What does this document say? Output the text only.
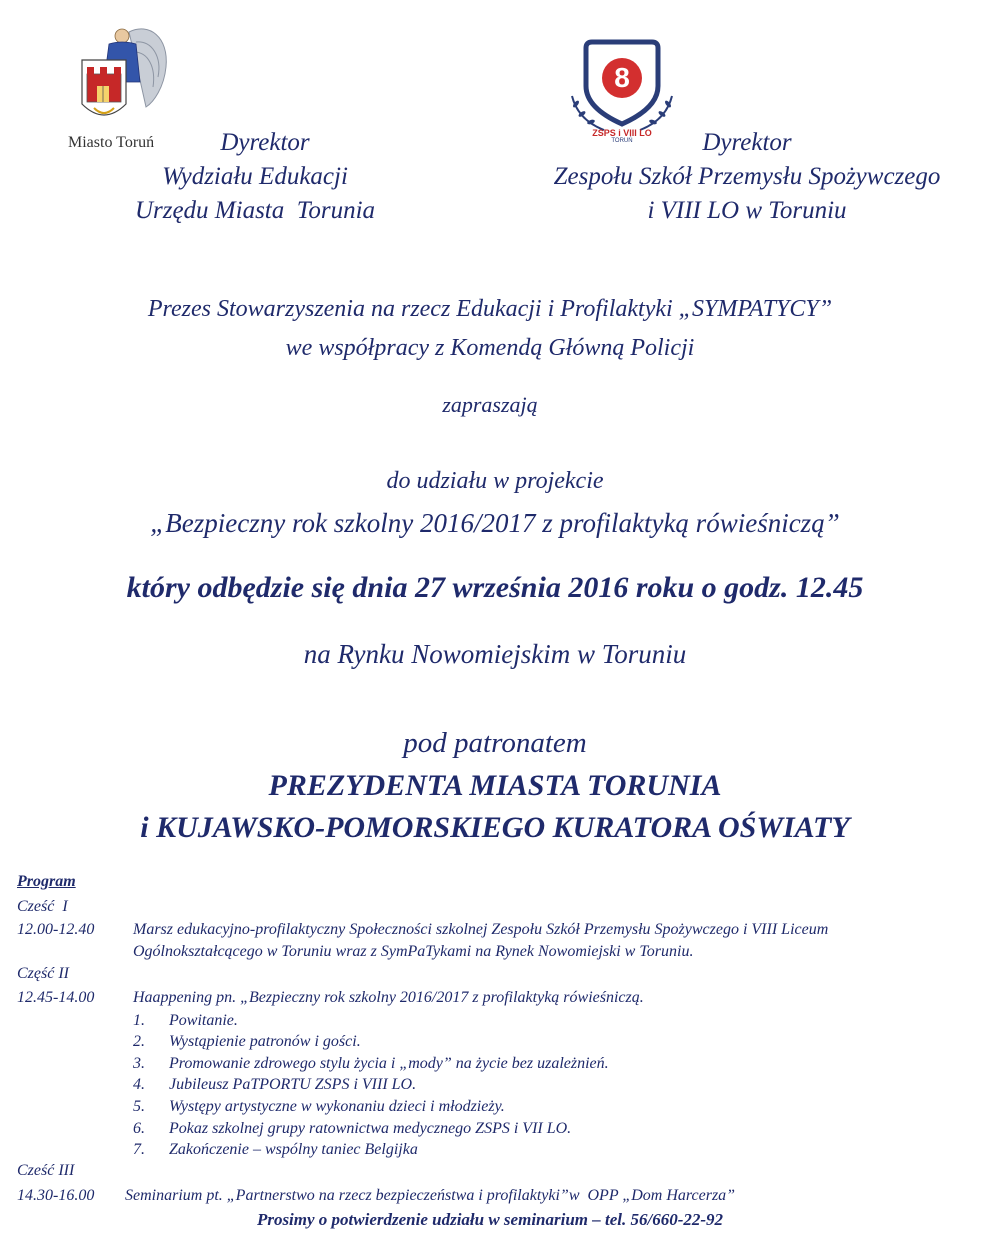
Miasto Toruń
8
ZSPS i VIII LO
TORUŃ
Dyrektor
Wydziału Edukacji
Urzędu Miasta  Torunia
Dyrektor
Zespołu Szkół Przemysłu Spożywczego
i VIII LO w Toruniu
Prezes Stowarzyszenia na rzecz Edukacji i Profilaktyki „SYMPATYCY”
we współpracy z Komendą Główną Policji
zapraszają
do udziału w projekcie
„Bezpieczny rok szkolny 2016/2017 z profilaktyką rówieśniczą”
który odbędzie się dnia 27 września 2016 roku o godz. 12.45
na Rynku Nowomiejskim w Toruniu
pod patronatem
PREZYDENTA MIASTA TORUNIA
i KUJAWSKO-POMORSKIEGO KURATORA OŚWIATY
Program
Cześć  I
12.00-12.40 Marsz edukacyjno-profilaktyczny Społeczności szkolnej Zespołu Szkół Przemysłu Spożywczego i VIII Liceum
Ogólnokształcącego w Toruniu wraz z SymPaTykami na Rynek Nowomiejski w Toruniu.
Część II
12.45-14.00 Haappening pn. „Bezpieczny rok szkolny 2016/2017 z profilaktyką rówieśniczą.
1. Powitanie.
2. Wystąpienie patronów i gości.
3. Promowanie zdrowego stylu życia i „mody” na życie bez uzależnień.
4. Jubileusz PaTPORTU ZSPS i VIII LO.
5. Występy artystyczne w wykonaniu dzieci i młodzieży.
6. Pokaz szkolnej grupy ratownictwa medycznego ZSPS i VII LO.
7. Zakończenie – wspólny taniec Belgijka
Cześć III
14.30-16.00 Seminarium pt. „Partnerstwo na rzecz bezpieczeństwa i profilaktyki”w  OPP „Dom Harcerza”
Prosimy o potwierdzenie udziału w seminarium – tel. 56/660-22-92
